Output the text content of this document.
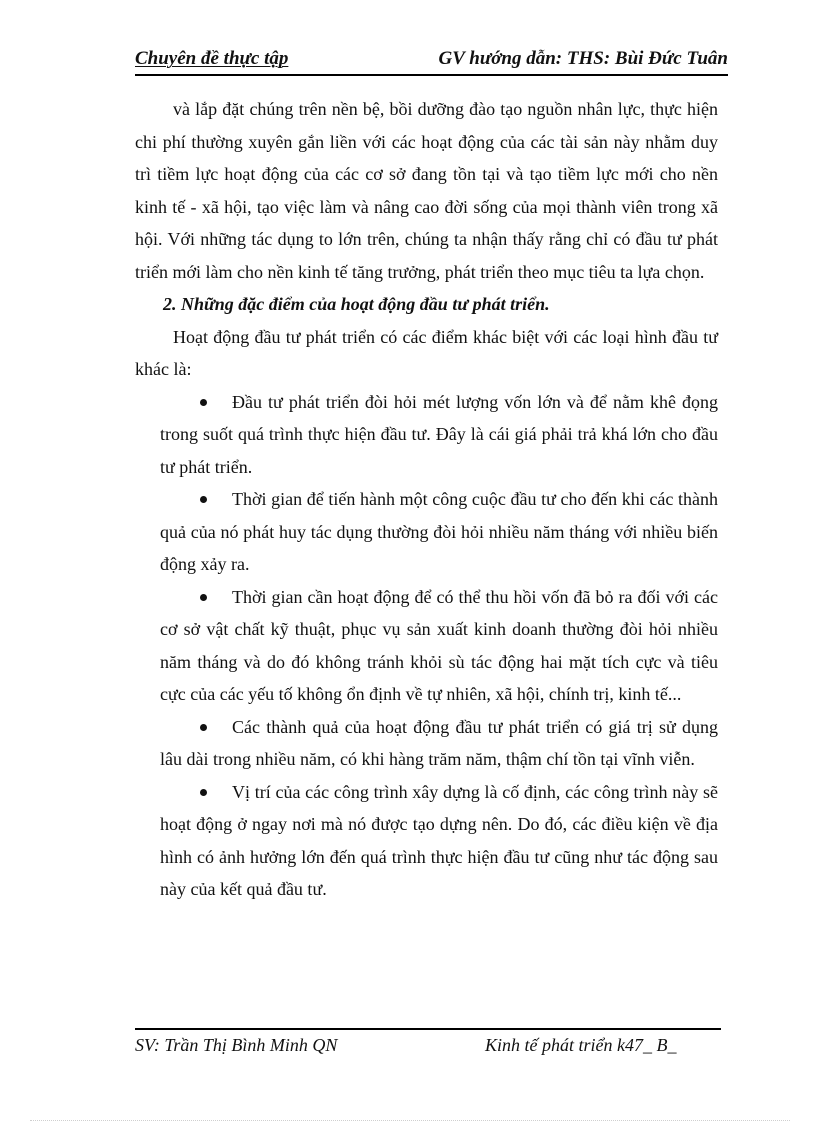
Chuyên đề thực tập	GV hướng dẫn: THS: Bùi Đức Tuân

và lắp đặt chúng trên nền bệ, bồi dưỡng đào tạo nguồn nhân lực, thực hiện chi phí thường xuyên gắn liền với các hoạt động của các tài sản này nhằm duy trì tiềm lực hoạt động của các cơ sở đang tồn tại và tạo tiềm lực mới cho nền kinh tế - xã hội, tạo việc làm và nâng cao đời sống của mọi thành viên trong xã hội. Với những tác dụng to lớn trên, chúng ta nhận thấy rằng chỉ có đầu tư phát triển mới làm cho nền kinh tế tăng trưởng, phát triển theo mục tiêu ta lựa chọn.

2. Những đặc điểm của hoạt động đầu tư phát triển.

Hoạt động đầu tư phát triển có các điểm khác biệt với các loại hình đầu tư khác là:

Đầu tư phát triển đòi hỏi mét lượng vốn lớn và để nằm khê đọng trong suốt quá trình thực hiện đầu tư. Đây là cái giá phải trả khá lớn cho đầu tư phát triển.

Thời gian để tiến hành một công cuộc đầu tư cho đến khi các thành quả của nó phát huy tác dụng thường đòi hỏi nhiều năm tháng với nhiều biến động xảy ra.

Thời gian cần hoạt động để có thể thu hồi vốn đã bỏ ra đối với các cơ sở vật chất kỹ thuật, phục vụ sản xuất kinh doanh thường đòi hỏi nhiều năm tháng và do đó không tránh khỏi sù tác động hai mặt tích cực và tiêu cực của các yếu tố không ổn định về tự nhiên, xã hội, chính trị, kinh tế...

Các thành quả của hoạt động đầu tư phát triển có giá trị sử dụng lâu dài trong nhiều năm, có khi hàng trăm năm, thậm chí tồn tại vĩnh viễn.

Vị trí của các công trình xây dựng là cố định, các công trình này sẽ hoạt động ở ngay nơi mà nó được tạo dựng nên. Do đó, các điều kiện về địa hình có ảnh hưởng lớn đến quá trình thực hiện đầu tư cũng như tác động sau này của kết quả đầu tư.

SV: Trần Thị Bình Minh QN	Kinh tế phát triển k47_ B_
